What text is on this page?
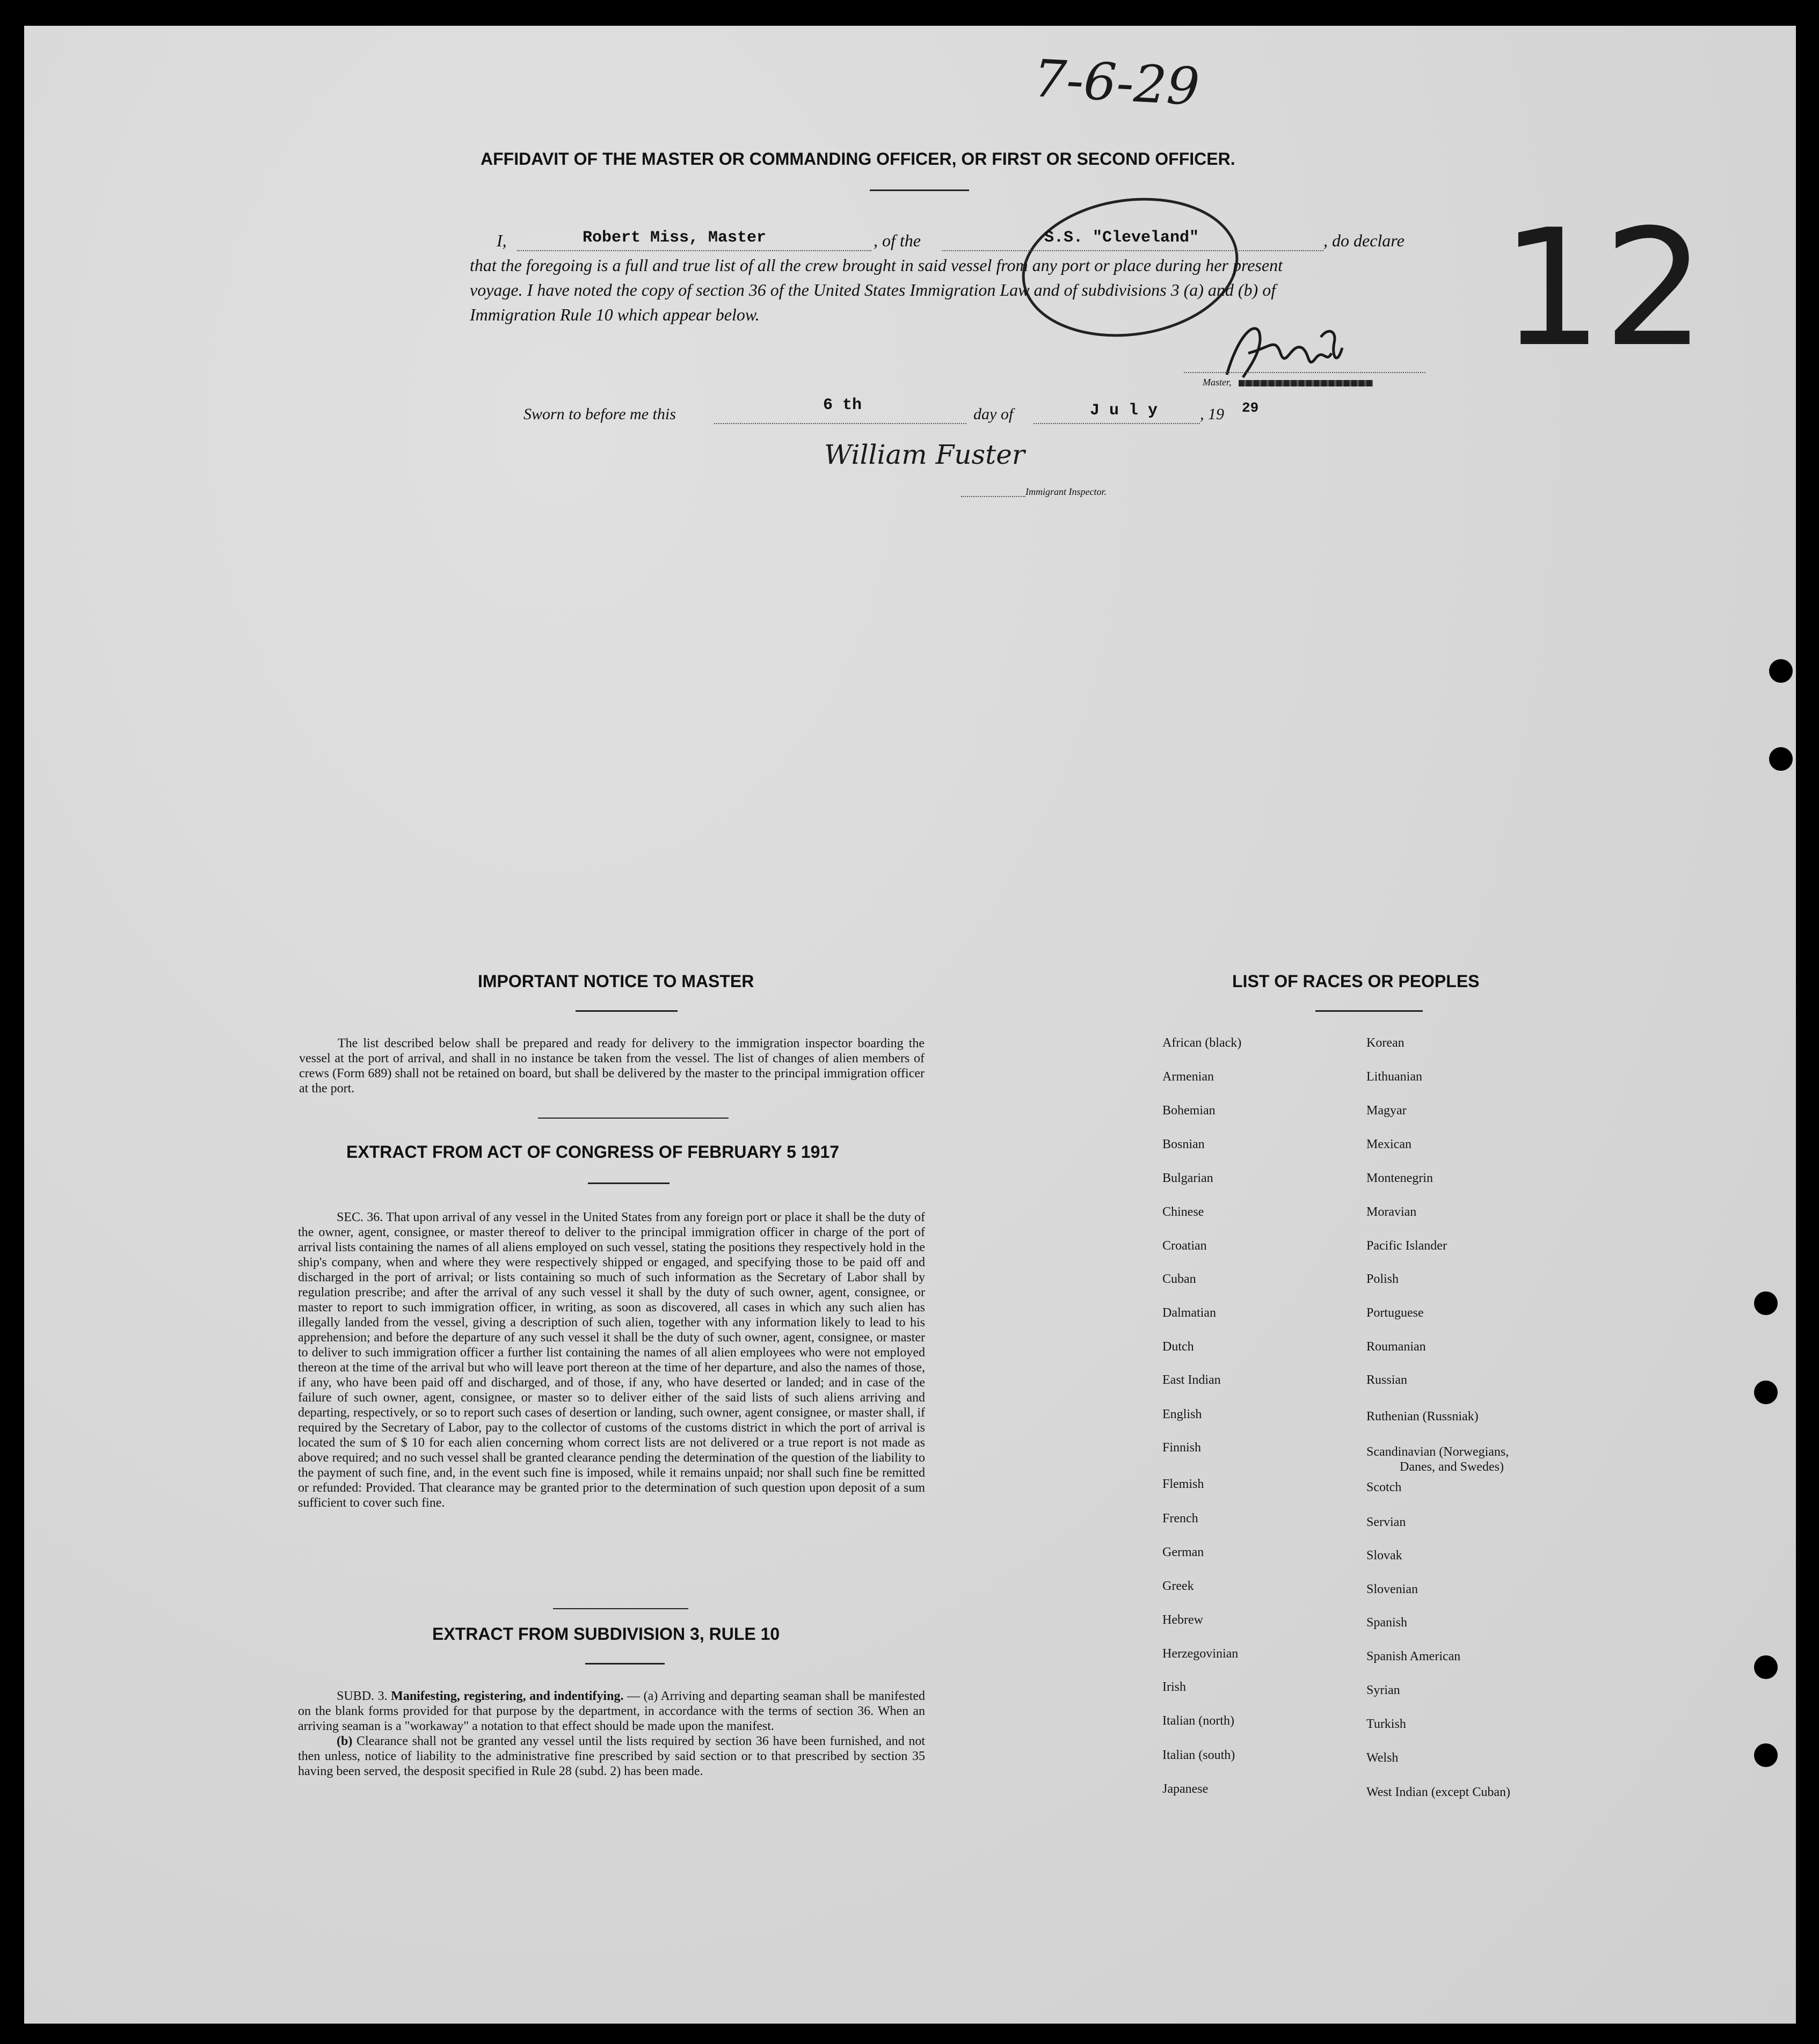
7-6-29
12
AFFIDAVIT OF THE MASTER OR COMMANDING OFFICER, OR FIRST OR SECOND OFFICER.
I,	Robert Miss, Master	, of the	S.S. "Cleveland"	, do declare
that the foregoing is a full and true list of all the crew brought in said vessel from any port or place during her present
voyage. I have noted the copy of section 36 of the United States Immigration Law and of subdivisions 3 (a) and (b) of
Immigration Rule 10 which appear below.
Master,
Sworn to before me this	6 th	day of	J u l y	, 19 29
William Fuster
Immigrant Inspector.
IMPORTANT NOTICE TO MASTER

The list described below shall be prepared and ready for delivery to the immigration inspector boarding the vessel at the port of arrival, and shall in no instance be taken from the vessel. The list of changes of alien members of crews (Form 689) shall not be retained on board, but shall be delivered by the master to the principal immigration officer at the port.

EXTRACT FROM ACT OF CONGRESS OF FEBRUARY 5 1917

SEC. 36. That upon arrival of any vessel in the United States from any foreign port or place it shall be the duty of the owner, agent, consignee, or master thereof to deliver to the principal immigration officer in charge of the port of arrival lists containing the names of all aliens employed on such vessel, stating the positions they respectively hold in the ship's company, when and where they were respectively shipped or engaged, and specifying those to be paid off and discharged in the port of arrival; or lists containing so much of such information as the Secretary of Labor shall by regulation prescribe; and after the arrival of any such vessel it shall by the duty of such owner, agent, consignee, or master to report to such immigration officer, in writing, as soon as discovered, all cases in which any such alien has illegally landed from the vessel, giving a description of such alien, together with any information likely to lead to his apprehension; and before the departure of any such vessel it shall be the duty of such owner, agent, consignee, or master to deliver to such immigration officer a further list containing the names of all alien employees who were not employed thereon at the time of the arrival but who will leave port thereon at the time of her departure, and also the names of those, if any, who have been paid off and discharged, and of those, if any, who have deserted or landed; and in case of the failure of such owner, agent, consignee, or master so to deliver either of the said lists of such aliens arriving and departing, respectively, or so to report such cases of desertion or landing, such owner, agent consignee, or master shall, if required by the Secretary of Labor, pay to the collector of customs of the customs district in which the port of arrival is located the sum of $ 10 for each alien concerning whom correct lists are not delivered or a true report is not made as above required; and no such vessel shall be granted clearance pending the determination of the question of the liability to the payment of such fine, and, in the event such fine is imposed, while it remains unpaid; nor shall such fine be remitted or refunded: Provided. That clearance may be granted prior to the determination of such question upon deposit of a sum sufficient to cover such fine.

EXTRACT FROM SUBDIVISION 3, RULE 10

SUBD. 3. Manifesting, registering, and indentifying. — (a) Arriving and departing seaman shall be manifested on the blank forms provided for that purpose by the department, in accordance with the terms of section 36. When an arriving seaman is a "workaway" a notation to that effect should be made upon the manifest.

(b) Clearance shall not be granted any vessel until the lists required by section 36 have been furnished, and not then unless, notice of liability to the administrative fine prescribed by said section or to that prescribed by section 35 having been served, the desposit specified in Rule 28 (subd. 2) has been made.

LIST OF RACES OR PEOPLES
African (black)
Armenian
Bohemian
Bosnian
Bulgarian
Chinese
Croatian
Cuban
Dalmatian
Dutch
East Indian
English
Finnish
Flemish
French
German
Greek
Hebrew
Herzegovinian
Irish
Italian (north)
Italian (south)
Japanese
Korean
Lithuanian
Magyar
Mexican
Montenegrin
Moravian
Pacific Islander
Polish
Portuguese
Roumanian
Russian
Ruthenian (Russniak)
Scandinavian (Norwegians,
Danes, and Swedes)
Scotch
Servian
Slovak
Slovenian
Spanish
Spanish American
Syrian
Turkish
Welsh
West Indian (except Cuban)
